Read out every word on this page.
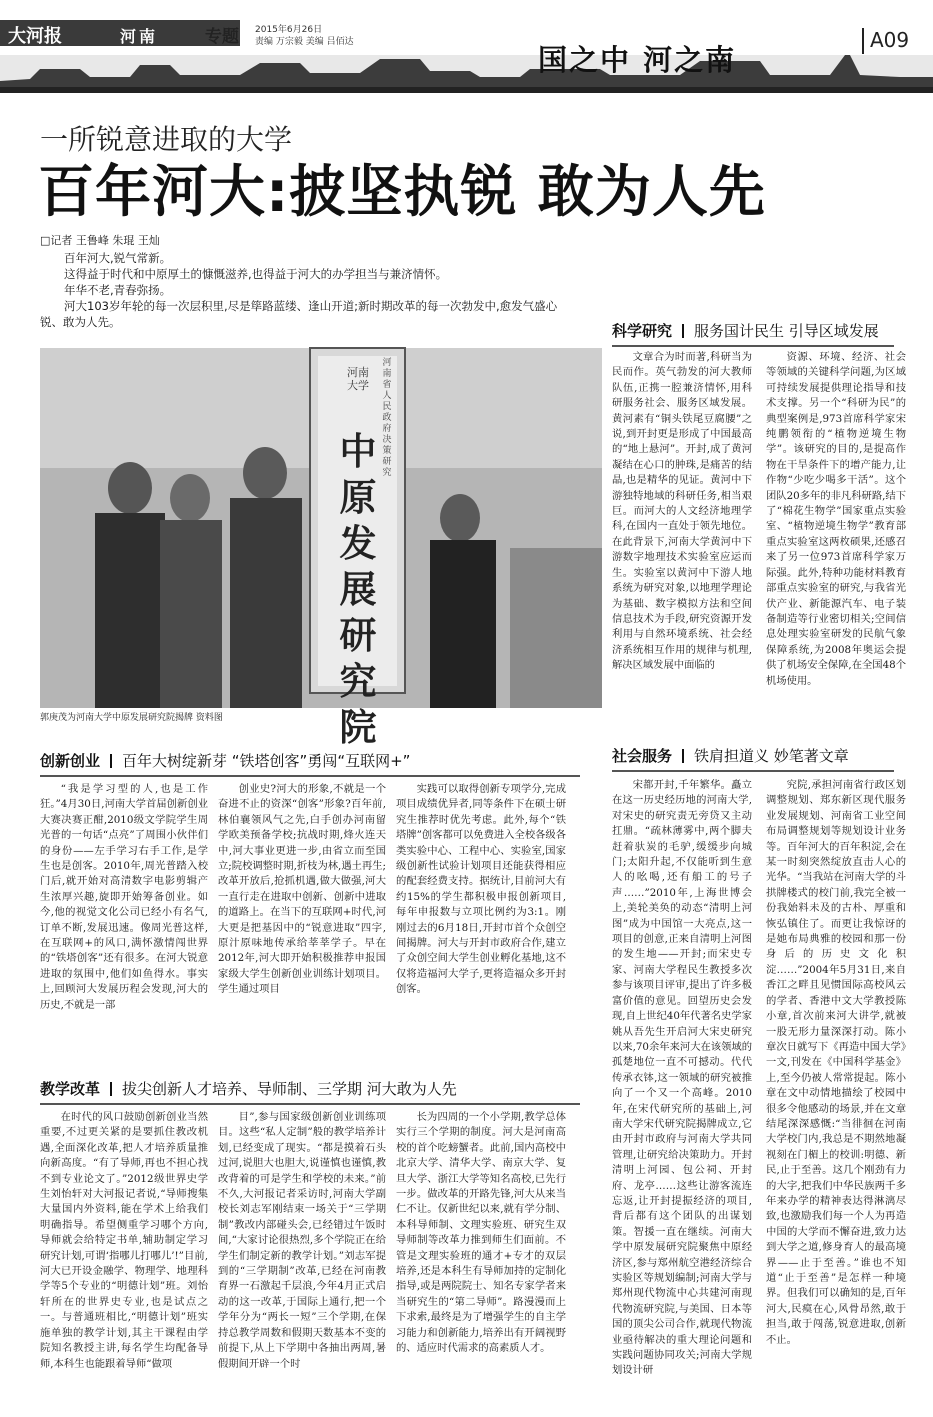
大河报	河南	专题 2015年6月26日
责编 万宗毅 美编 吕佰达
国之中 河之南
A09
一所锐意进取的大学
百年河大:披坚执锐 敢为人先
□记者 王鲁峰 朱琨 王灿
百年河大,锐气常新。
这得益于时代和中原厚土的慷慨滋养,也得益于河大的办学担当与兼济情怀。
年华不老,青春弥扬。
河大103岁年轮的每一次层积里,尽是筚路蓝缕、逢山开道;新时期改革的每一次勃发中,愈发气盛心锐、敢为人先。
中原发展研究院
河南大学
河南省人民政府决策研究
郭庚茂为河南大学中原发展研究院揭牌 资料图
科学研究 服务国计民生 引导区域发展

文章合为时而著,科研当为民而作。英气勃发的河大教师队伍,正携一腔兼济情怀,用科研服务社会、服务区域发展。黄河素有“铜头铁尾豆腐腰”之说,到开封更是形成了中国最高的“地上悬河”。开封,成了黄河凝结在心口的肿珠,是痛苦的结晶,也是精华的见证。黄河中下游独特地域的科研任务,相当艰巨。而河大的人文经济地理学科,在国内一直处于领先地位。在此背景下,河南大学黄河中下游数字地理技术实验室应运而生。实验室以黄河中下游人地系统为研究对象,以地理学理论为基础、数字模拟方法和空间信息技术为手段,研究资源开发利用与自然环境系统、社会经济系统相互作用的规律与机理,解决区域发展中面临的

资源、环境、经济、社会等领域的关键科学问题,为区域可持续发展提供理论指导和技术支撑。另一个“科研为民”的典型案例是,973首席科学家宋纯鹏领衔的“植物逆境生物学”。该研究的目的,是提高作物在干旱条件下的增产能力,让作物“少吃少喝多干活”。这个团队20多年的非凡科研路,结下了“棉花生物学”国家重点实验室、“植物逆境生物学”教育部重点实验室这两枚硕果,还感召来了另一位973首席科学家万际强。此外,特种功能材料教育部重点实验室的研究,与我省光伏产业、新能源汽车、电子装备制造等行业密切相关;空间信息处理实验室研发的民航气象保障系统,为2008年奥运会提供了机场安全保障,在全国48个机场使用。

创新创业 百年大树绽新芽 “铁塔创客”勇闯“互联网+”

“我是学习型的人,也是工作狂。”4月30日,河南大学首届创新创业大赛决赛正酣,2010级文学院学生周光普的一句话“点亮”了周围小伙伴们的身份——左手学习右手工作,是学生也是创客。2010年,周光普踏入校门后,就开始对高清数字电影剪辑产生浓厚兴趣,旋即开始筹备创业。如今,他的视觉文化公司已经小有名气,订单不断,发展迅速。像周光普这样,在互联网+的风口,满怀激情闯世界的“铁塔创客”还有很多。在河大锐意进取的氛围中,他们如鱼得水。事实上,回顾河大发展历程会发现,河大的历史,不就是一部

创业史?河大的形象,不就是一个奋进不止的资深“创客”形象?百年前,林伯襄领风气之先,白手创办河南留学欧美预备学校;抗战时期,烽火连天中,河大事业更进一步,由省立而至国立;院校调整时期,折枝为林,遇土再生;改革开放后,抢抓机遇,做大做强,河大一直行走在进取中创新、创新中进取的道路上。在当下的互联网+时代,河大更是把基因中的“锐意进取”四字,原汁原味地传承给莘莘学子。早在2012年,河大即开始积极推荐申报国家级大学生创新创业训练计划项目。学生通过项目

实践可以取得创新专项学分,完成项目成绩优异者,同等条件下在硕士研究生推荐时优先考虑。此外,每个“铁塔牌”创客都可以免费进入全校各级各类实验中心、工程中心、实验室,国家级创新性试验计划项目还能获得相应的配套经费支持。据统计,目前河大有约15%的学生都积极申报创新项目,每年申报数与立项比例约为3:1。刚刚过去的6月18日,开封市首个众创空间揭牌。河大与开封市政府合作,建立了众创空间大学生创业孵化基地,这不仅将造福河大学子,更将造福众多开封创客。

社会服务 铁肩担道义 妙笔著文章

宋都开封,千年繁华。矗立在这一历史经历地的河南大学,对宋史的研究责无旁贷又主动扛鼎。“疏林薄雾中,两个脚夫赶着驮炭的毛驴,缓缓步向城门;太阳升起,不仅能听到生意人的吆喝,还有船工的号子声……”2010年,上海世博会上,美轮美奂的动态“清明上河图”成为中国馆一大亮点,这一项目的创意,正来自清明上河图的发生地——开封;而宋史专家、河南大学程民生教授多次参与该项目评审,提出了许多极富价值的意见。回望历史会发现,自上世纪40年代著名史学家姚从吾先生开启河大宋史研究以来,70余年来河大在该领域的孤楚地位一直不可撼动。代代传承衣钵,这一领域的研究被推向了一个又一个高峰。2010年,在宋代研究所的基础上,河南大学宋代研究院揭牌成立,它由开封市政府与河南大学共同管理,让研究给决策助力。开封清明上河园、包公祠、开封府、龙亭……这些让游客流连忘返,让开封提振经济的项目,背后都有这个团队的出谋划策。智援一直在继续。河南大学中原发展研究院聚焦中原经济区,参与郑州航空港经济综合实验区等规划编制;河南大学与郑州现代物流中心共建河南现代物流研究院,与美国、日本等国的顶尖公司合作,就现代物流业亟待解决的重大理论问题和实践问题协同攻关;河南大学规划设计研

究院,承担河南省行政区划调整规划、郑东新区现代服务业发展规划、河南省工业空间布局调整规划等规划设计业务等。百年河大的百年积淀,会在某一时刻突然绽放直击人心的光华。“当我站在河南大学的斗拱牌楼式的校门前,我完全被一份我始料未及的古朴、厚重和恢弘镇住了。而更让我惊讶的是她布局典雅的校园和那一份身后的历史文化积淀……”2004年5月31日,来自香江之畔且见惯国际高校风云的学者、香港中文大学教授陈小章,首次前来河大讲学,就被一股无形力量深深打动。陈小章次日就写下《再造中国大学》一文,刊发在《中国科学基金》上,至今仍被人常常提起。陈小章在文中动情地描绘了校园中很多令他感动的场景,并在文章结尾深深感慨:“当徘徊在河南大学校门内,我总是不期然地凝视刻在门楣上的校训:明德、新民,止于至善。这几个刚劲有力的大字,把我们中华民族两千多年来办学的精神表达得淋漓尽致,也激励我们每一个人为再造中国的大学而不懈奋进,致力达到大学之道,修身育人的最高境界——止于至善。”谁也不知道“止于至善”是怎样一种境界。但我们可以确知的是,百年河大,民瘼在心,风骨昂然,敢于担当,敢于闯荡,锐意进取,创新不止。

教学改革 拔尖创新人才培养、导师制、三学期 河大敢为人先

在时代的风口鼓励创新创业当然重要,不过更关紧的是要抓住教改机遇,全面深化改革,把人才培养质量推向新高度。“有了导师,再也不担心找不到专业论文了。”2012级世界史学生刘怡轩对大河报记者说,“导师搜集大量国内外资料,能在学术上给我们明确指导。希望侧重学习哪个方向,导师就会给特定书单,辅助制定学习研究计划,可谓‘指哪儿打哪儿’!”目前,河大已开设金融学、物理学、地理科学等5个专业的“明德计划”班。刘怡轩所在的世界史专业,也是试点之一。与普通班相比,“明德计划”班实施单独的教学计划,其主干课程由学院知名教授主讲,每名学生均配备导师,本科生也能跟着导师“做项

目”,参与国家级创新创业训练项目。这些“私人定制”般的教学培养计划,已经变成了现实。“都是摸着石头过河,说胆大也胆大,说谨慎也谨慎,教改背着的可是学生和学校的未来。”前不久,大河报记者采访时,河南大学副校长刘志军刚结束一场关于“三学期制”教改内部碰头会,已经错过午饭时间,“大家讨论很热烈,多个学院正在给学生们制定新的教学计划。”刘志军提到的“三学期制”改革,已经在河南教育界一石激起千层浪,今年4月正式启动的这一改革,于国际上通行,把一个学年分为“两长一短”三个学期,在保持总教学周数和假期天数基本不变的前提下,从上下学期中各抽出两周,暑假期间开辟一个时

长为四周的一个小学期,教学总体实行三个学期的制度。河大是河南高校的首个吃螃蟹者。此前,国内高校中北京大学、清华大学、南京大学、复旦大学、浙江大学等知名高校,已先行一步。做改革的开路先锋,河大从来当仁不让。仅新世纪以来,就有学分制、本科导师制、文理实验班、研究生双导师制等改革力推到师生们面前。不管是文理实验班的通才+专才的双层培养,还是本科生有导师加持的定制化指导,或是两院院士、知名专家学者来当研究生的“第二导师”。路漫漫而上下求索,最终是为了增强学生的自主学习能力和创新能力,培养出有开阔视野的、适应时代需求的高素质人才。
